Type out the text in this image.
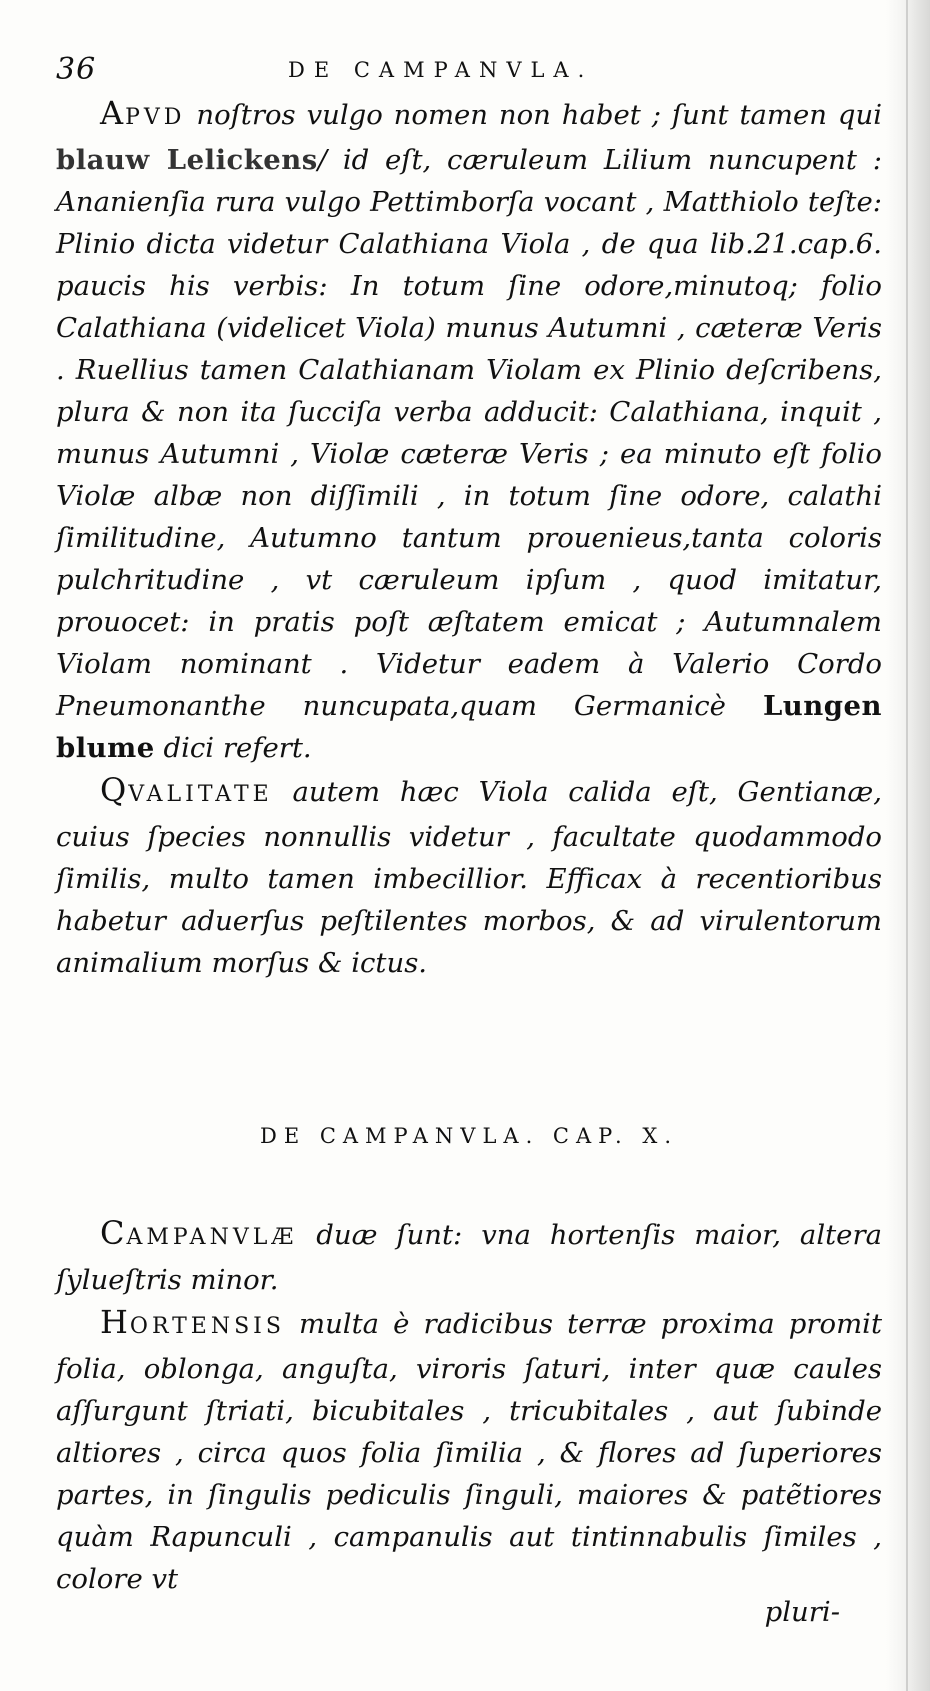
36	DE CAMPANVLA.

APVD noſtros vulgo nomen non habet ; ſunt tamen qui blauw Lelickens/ id eſt, cæruleum Lilium nuncupent : Ananienſia rura vulgo Pettimborſa vocant , Matthiolo teſte: Plinio dicta videtur Calathiana Viola , de qua lib.21.cap.6. paucis his verbis: In totum ſine odore,minutoq; folio Calathiana (videlicet Viola) munus Autumni , cæteræ Veris . Ruellius tamen Calathianam Violam ex Plinio deſcribens, plura & non ita ſucciſa verba adducit: Calathiana, inquit , munus Autumni , Violæ cæteræ Veris ; ea minuto eſt folio Violæ albæ non diſſimili , in totum ſine odore, calathi ſimilitudine, Autumno tantum prouenieus,tanta coloris pulchritudine , vt cæruleum ipſum , quod imitatur, prouocet: in pratis poſt æſtatem emicat ; Autumnalem Violam nominant . Videtur eadem à Valerio Cordo Pneumonanthe nuncupata,quam Germanicè Lungen blume dici refert.

QVALITATE autem hæc Viola calida eſt, Gentianæ, cuius ſpecies nonnullis videtur , facultate quodammodo ſimilis, multo tamen imbecillior. Efficax à recentioribus habetur aduerſus peſtilentes morbos, & ad virulentorum animalium morſus & ictus.

DE CAMPANVLA. CAP. X.

CAMPANVLÆ duæ ſunt: vna hortenſis maior, altera ſylueſtris minor.

HORTENSIS multa è radicibus terræ proxima promit folia, oblonga, anguſta, viroris ſaturi, inter quæ caules aſſurgunt ſtriati, bicubitales , tricubitales , aut ſubinde altiores , circa quos folia ſimilia , & flores ad ſuperiores partes, in ſingulis pediculis ſinguli, maiores & patẽtiores quàm Rapunculi , campanulis aut tintinnabulis ſimiles , colore vt

pluri-
